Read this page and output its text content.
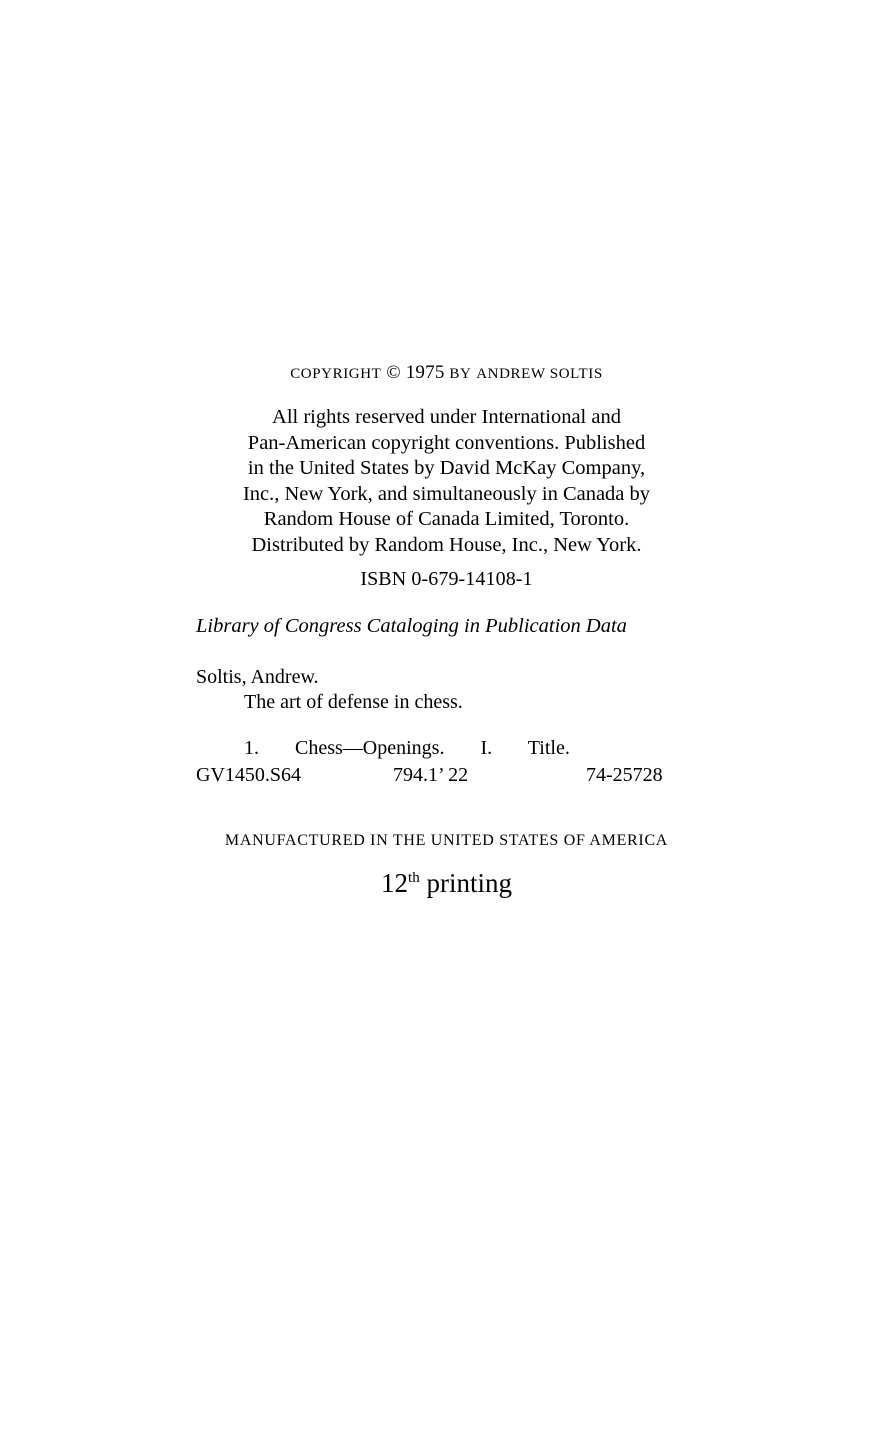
COPYRIGHT © 1975 BY ANDREW SOLTIS
All rights reserved under International and
Pan-American copyright conventions. Published
in the United States by David McKay Company,
Inc., New York, and simultaneously in Canada by
Random House of Canada Limited, Toronto.
Distributed by Random House, Inc., New York.
ISBN 0-679-14108-1
Library of Congress Cataloging in Publication Data
Soltis, Andrew.
The art of defense in chess.
1. Chess—Openings. I. Title.
GV1450.S64	794.1’ 22	74-25728
MANUFACTURED IN THE UNITED STATES OF AMERICA
12th printing
